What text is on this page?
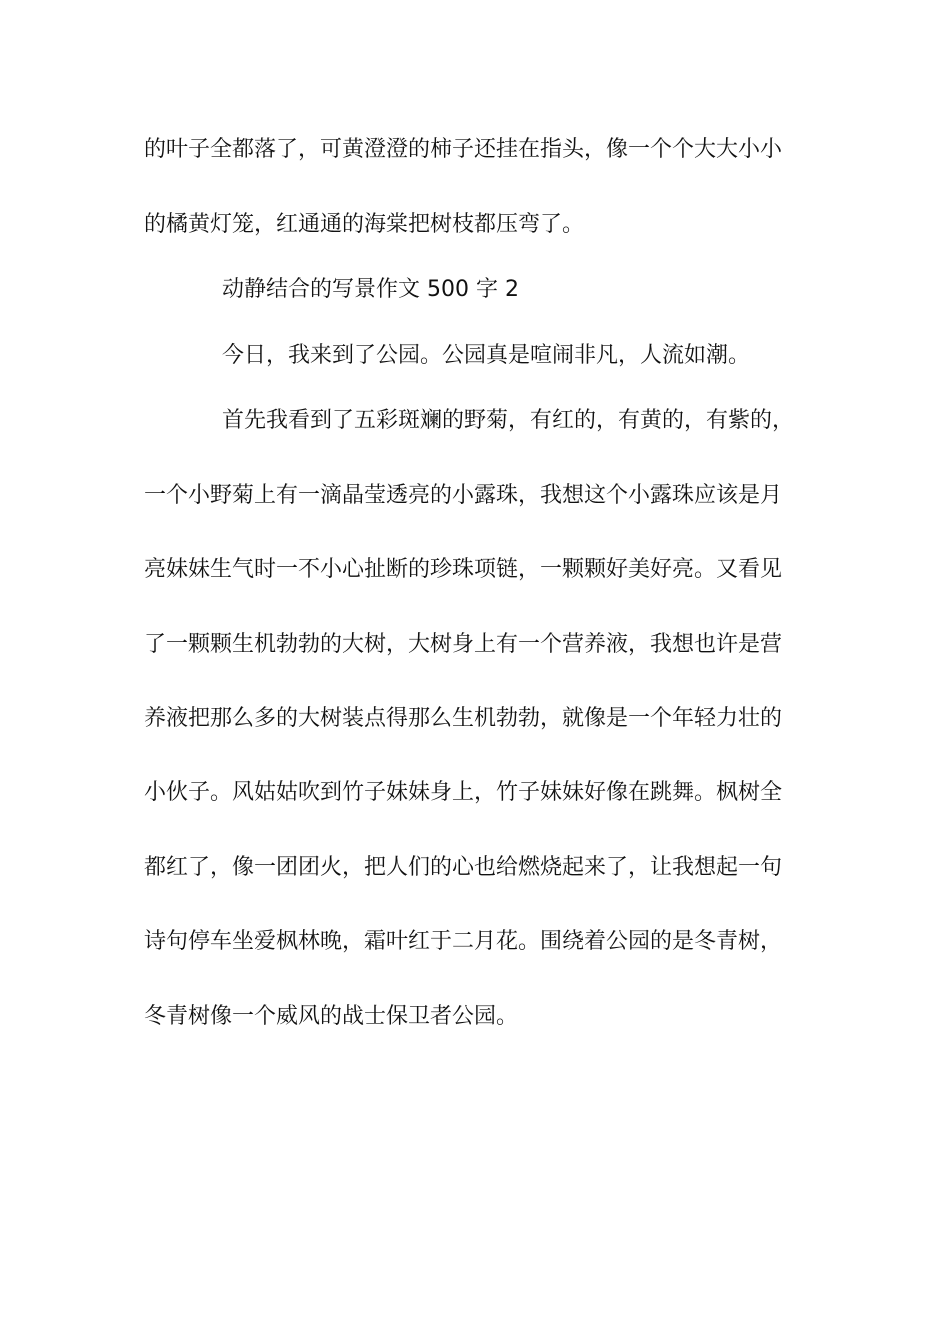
的叶子全都落了，可黄澄澄的柿子还挂在指头，像一个个大大小小
的橘黄灯笼，红通通的海棠把树枝都压弯了。
动静结合的写景作文 500 字 2
今日，我来到了公园。公园真是喧闹非凡，人流如潮。
首先我看到了五彩斑斓的野菊，有红的，有黄的，有紫的，
一个小野菊上有一滴晶莹透亮的小露珠，我想这个小露珠应该是月
亮妹妹生气时一不小心扯断的珍珠项链，一颗颗好美好亮。又看见
了一颗颗生机勃勃的大树，大树身上有一个营养液，我想也许是营
养液把那么多的大树装点得那么生机勃勃，就像是一个年轻力壮的
小伙子。风姑姑吹到竹子妹妹身上，竹子妹妹好像在跳舞。枫树全
都红了，像一团团火，把人们的心也给燃烧起来了，让我想起一句
诗句停车坐爱枫林晚，霜叶红于二月花。围绕着公园的是冬青树，
冬青树像一个威风的战士保卫者公园。
